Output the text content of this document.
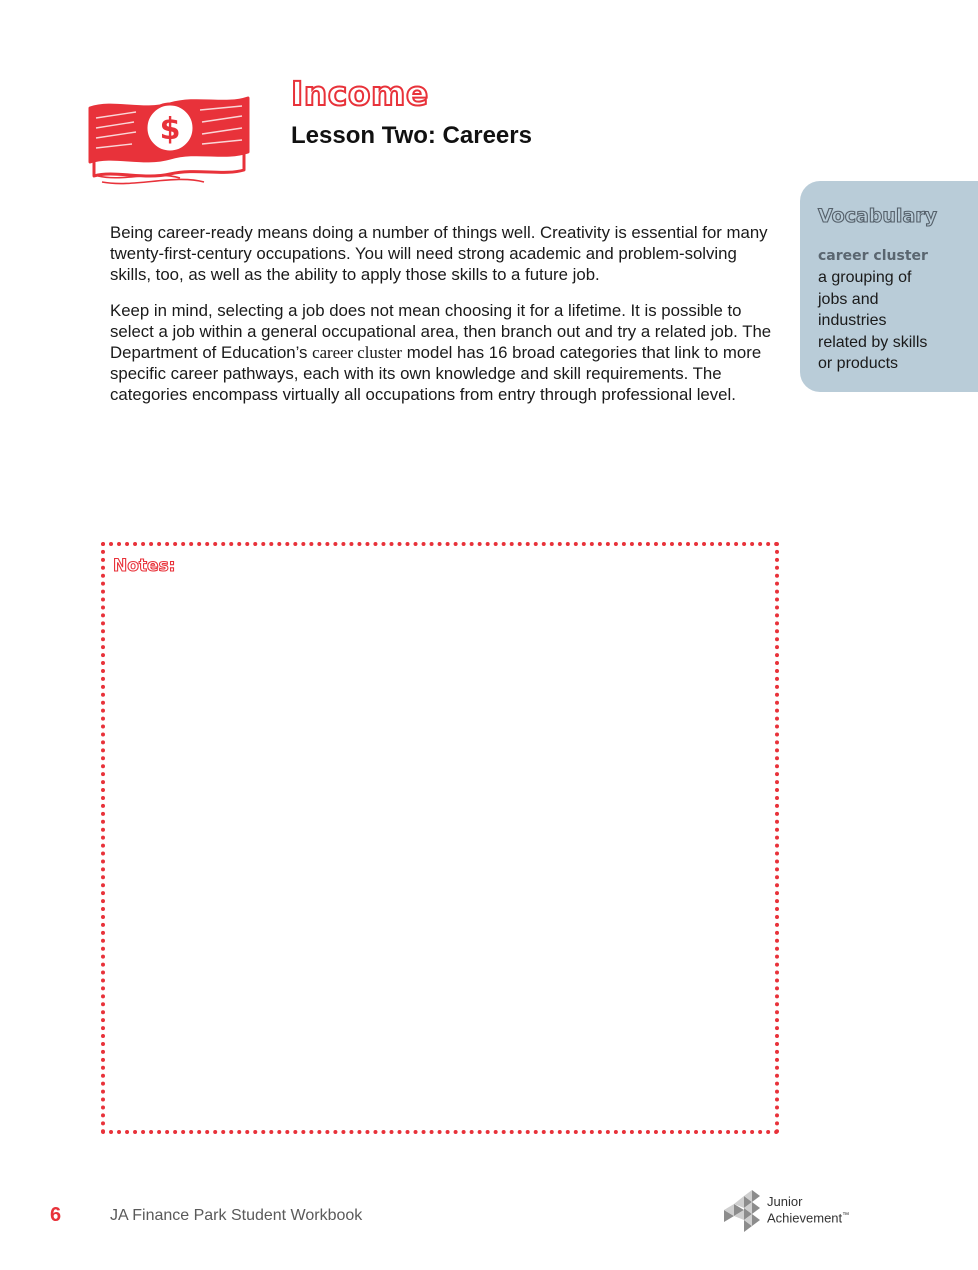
$
Income
Lesson Two: Careers
Vocabulary
career cluster
a grouping of jobs and industries related by skills or products

Being career-ready means doing a number of things well. Creativity is essential for many twenty-first-century occupations. You will need strong academic and problem-solving skills, too, as well as the ability to apply those skills to a future job.

Keep in mind, selecting a job does not mean choosing it for a lifetime. It is possible to select a job within a general occupational area, then branch out and try a related job. The Department of Education’s career cluster model has 16 broad categories that link to more specific career pathways, each with its own knowledge and skill requirements. The categories encompass virtually all occupations from entry through professional level.

Notes:
6	JA Finance Park Student Workbook
Junior
Achievement™
